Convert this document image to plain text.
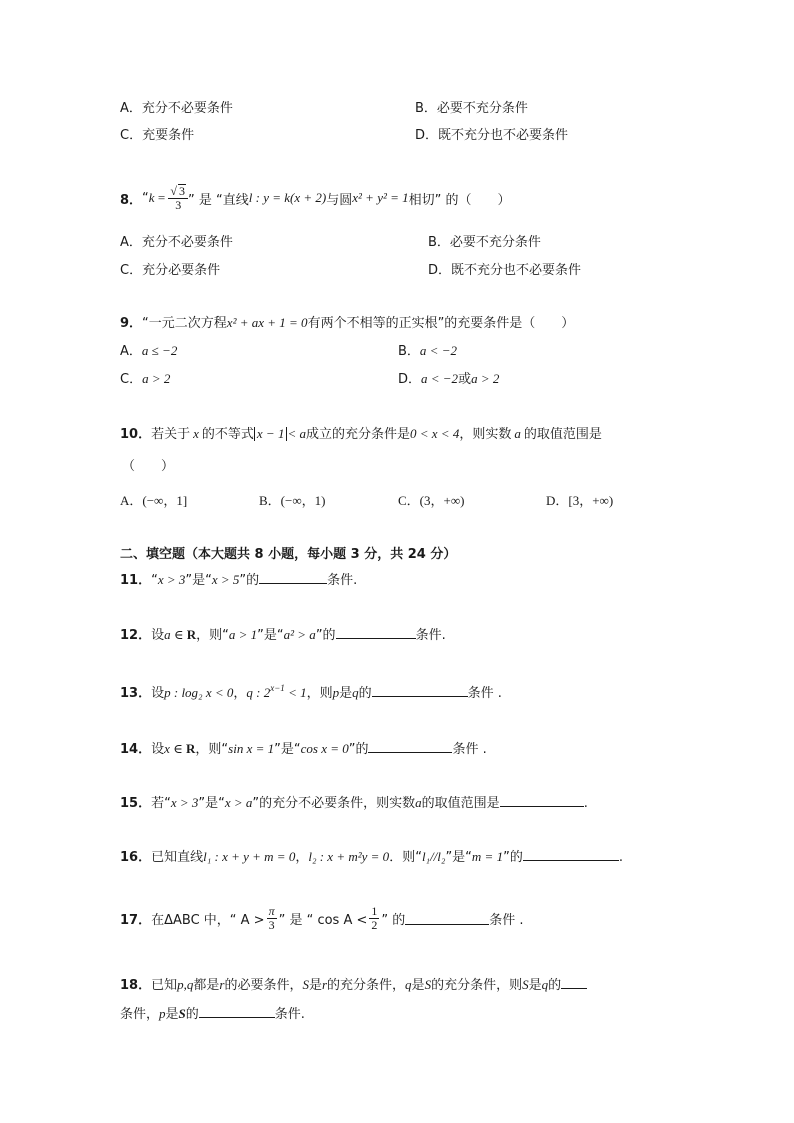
A．充分不必要条件	B．必要不充分条件
C．充要条件	D．既不充分也不必要条件
8． “ $k = \frac{√ 3}{3}$ ” 是 “直线 l : y = k(x + 2) 与圆 x² + y² = 1 相切” 的（　　）
A．充分不必要条件	B．必要不充分条件
C．充分必要条件	D．既不充分也不必要条件
9．“一元二次方程x² + ax + 1 = 0有两个不相等的正实根”的充要条件是（　　）
A．a ≤ −2	B．a < −2
C．a > 2	D．a < −2或a > 2
10．若关于 x 的不等式 x − 1 < a成立的充分条件是0 < x < 4，则实数 a 的取值范围是
（　　）
A．(−∞，1]	B．(−∞，1)	C．(3，+∞)	D．[3，+∞)
二、填空题（本大题共 8 小题，每小题 3 分，共 24 分）
11．“x > 3”是“x > 5”的	条件.
12．设a ∈ R，则“a > 1”是“a² > a”的	条件.
13．设p : log₂ x < 0，q : $2^{x-1} < 1$，则p是q的	条件 .
14．设x ∈ R，则“sin x = 1”是“cos x = 0”的	条件 .
15．若“x > 3”是“x > a”的充分不必要条件，则实数a的取值范围是	.
16．已知直线l₁ : x + y + m = 0，l₂ : x + m²y = 0．则“l₁//l₂”是“m = 1”的	.
17． 在ΔABC 中，“ $A > \frac{\pi}{3}$ ” 是 “ $\cos A < \frac{1}{2}$ ” 的	条件 .
18．已知p,q都是r的必要条件，S是r的充分条件，q是S的充分条件，则S是q的
条件，p是S的	条件.
